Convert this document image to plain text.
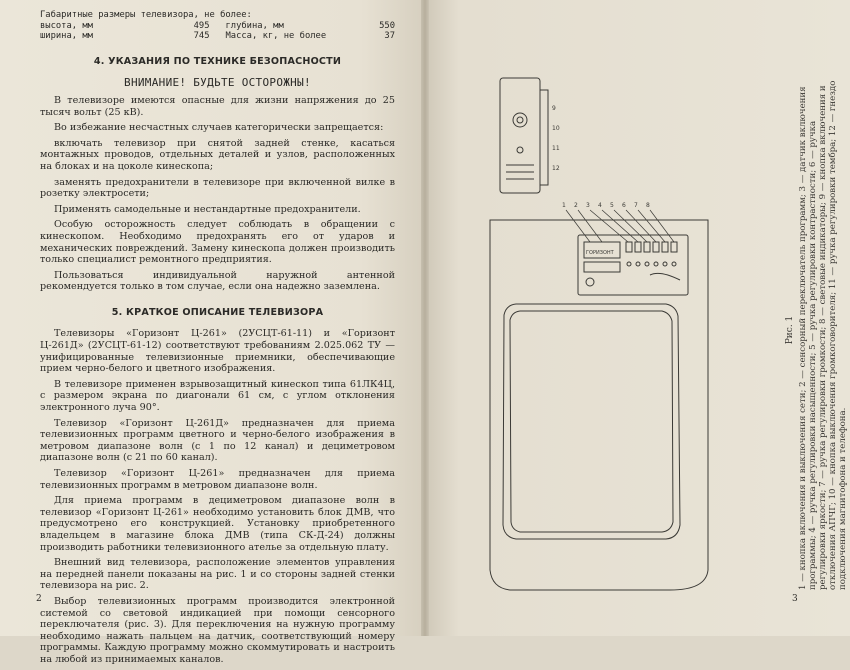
Габаритные размеры телевизора, не более:
высота, мм	495 глубина, мм	550
ширина, мм	745 Масса, кг, не более	37
4. УКАЗАНИЯ ПО ТЕХНИКЕ БЕЗОПАСНОСТИ
ВНИМАНИЕ! БУДЬТЕ ОСТОРОЖНЫ!

В телевизоре имеются опасные для жизни напряжения до 25 тысяч вольт (25 кВ).

Во избежание несчастных случаев категорически запрещается:

включать телевизор при снятой задней стенке, касаться монтажных проводов, отдельных деталей и узлов, расположенных на блоках и на цоколе кинескопа;

заменять предохранители в телевизоре при включенной вилке в розетку электросети;

Применять самодельные и нестандартные предохранители.

Особую осторожность следует соблюдать в обращении с кинескопом. Необходимо предохранять его от ударов и механических повреждений. Замену кинескопа должен производить только специалист ремонтного предприятия.

Пользоваться индивидуальной наружной антенной рекомендуется только в том случае, если она надежно заземлена.

5. КРАТКОЕ ОПИСАНИЕ ТЕЛЕВИЗОРА

Телевизоры «Горизонт Ц-261» (2УСЦТ-61-11) и «Горизонт Ц-261Д» (2УСЦТ-61-12) соответствуют требованиям 2.025.062 ТУ — унифицированные телевизионные приемники, обеспечивающие прием черно-белого и цветного изображения.

В телевизоре применен взрывозащитный кинескоп типа 61ЛК4Ц, с размером экрана по диагонали 61 см, с углом отклонения электронного луча 90°.

Телевизор «Горизонт Ц-261Д» предназначен для приема телевизионных программ цветного и черно-белого изображения в метровом диапазоне волн (с 1 по 12 канал) и дециметровом диапазоне волн (с 21 по 60 канал).

Телевизор «Горизонт Ц-261» предназначен для приема телевизионных программ в метровом диапазоне волн.

Для приема программ в дециметровом диапазоне волн в телевизор «Горизонт Ц-261» необходимо установить блок ДМВ, что предусмотрено его конструкцией. Установку приобретенного владельцем в магазине блока ДМВ (типа СК-Д-24) должны производить работники телевизионного ательe за отдельную плату.

Внешний вид телевизора, расположение элементов управления на передней панели показаны на рис. 1 и со стороны задней стенки телевизора на рис. 2.

Выбор телевизионных программ производится электронной системой со световой индикацией при помощи сенсорного переключателя (рис. 3). Для переключения на нужную программу необходимо нажать пальцем на датчик, соответствующий номеру программы. Каждую программу можно скоммутировать и настроить на любой из принимаемых каналов.

2
1 2 3 4 5 6 7 8
9
10
11
12
ГОРИЗОНТ
Рис. 1 1 — кнопка включения и выключения сети; 2 — сенсорный переключатель программ; 3 — датчик включения программы; 4 — ручка регулировки насыщенности; 5 — ручка регулировки контрастности; 6 — ручка регулировки яркости; 7 — ручка регулировки громкости; 8 — световые индикаторы; 9 — кнопка включения и отключения АПЧГ; 10 — кнопка выключения громкоговорителя; 11 — ручка регулировки тембра; 12 — гнездо подключения магнитофона и телефона.
3
